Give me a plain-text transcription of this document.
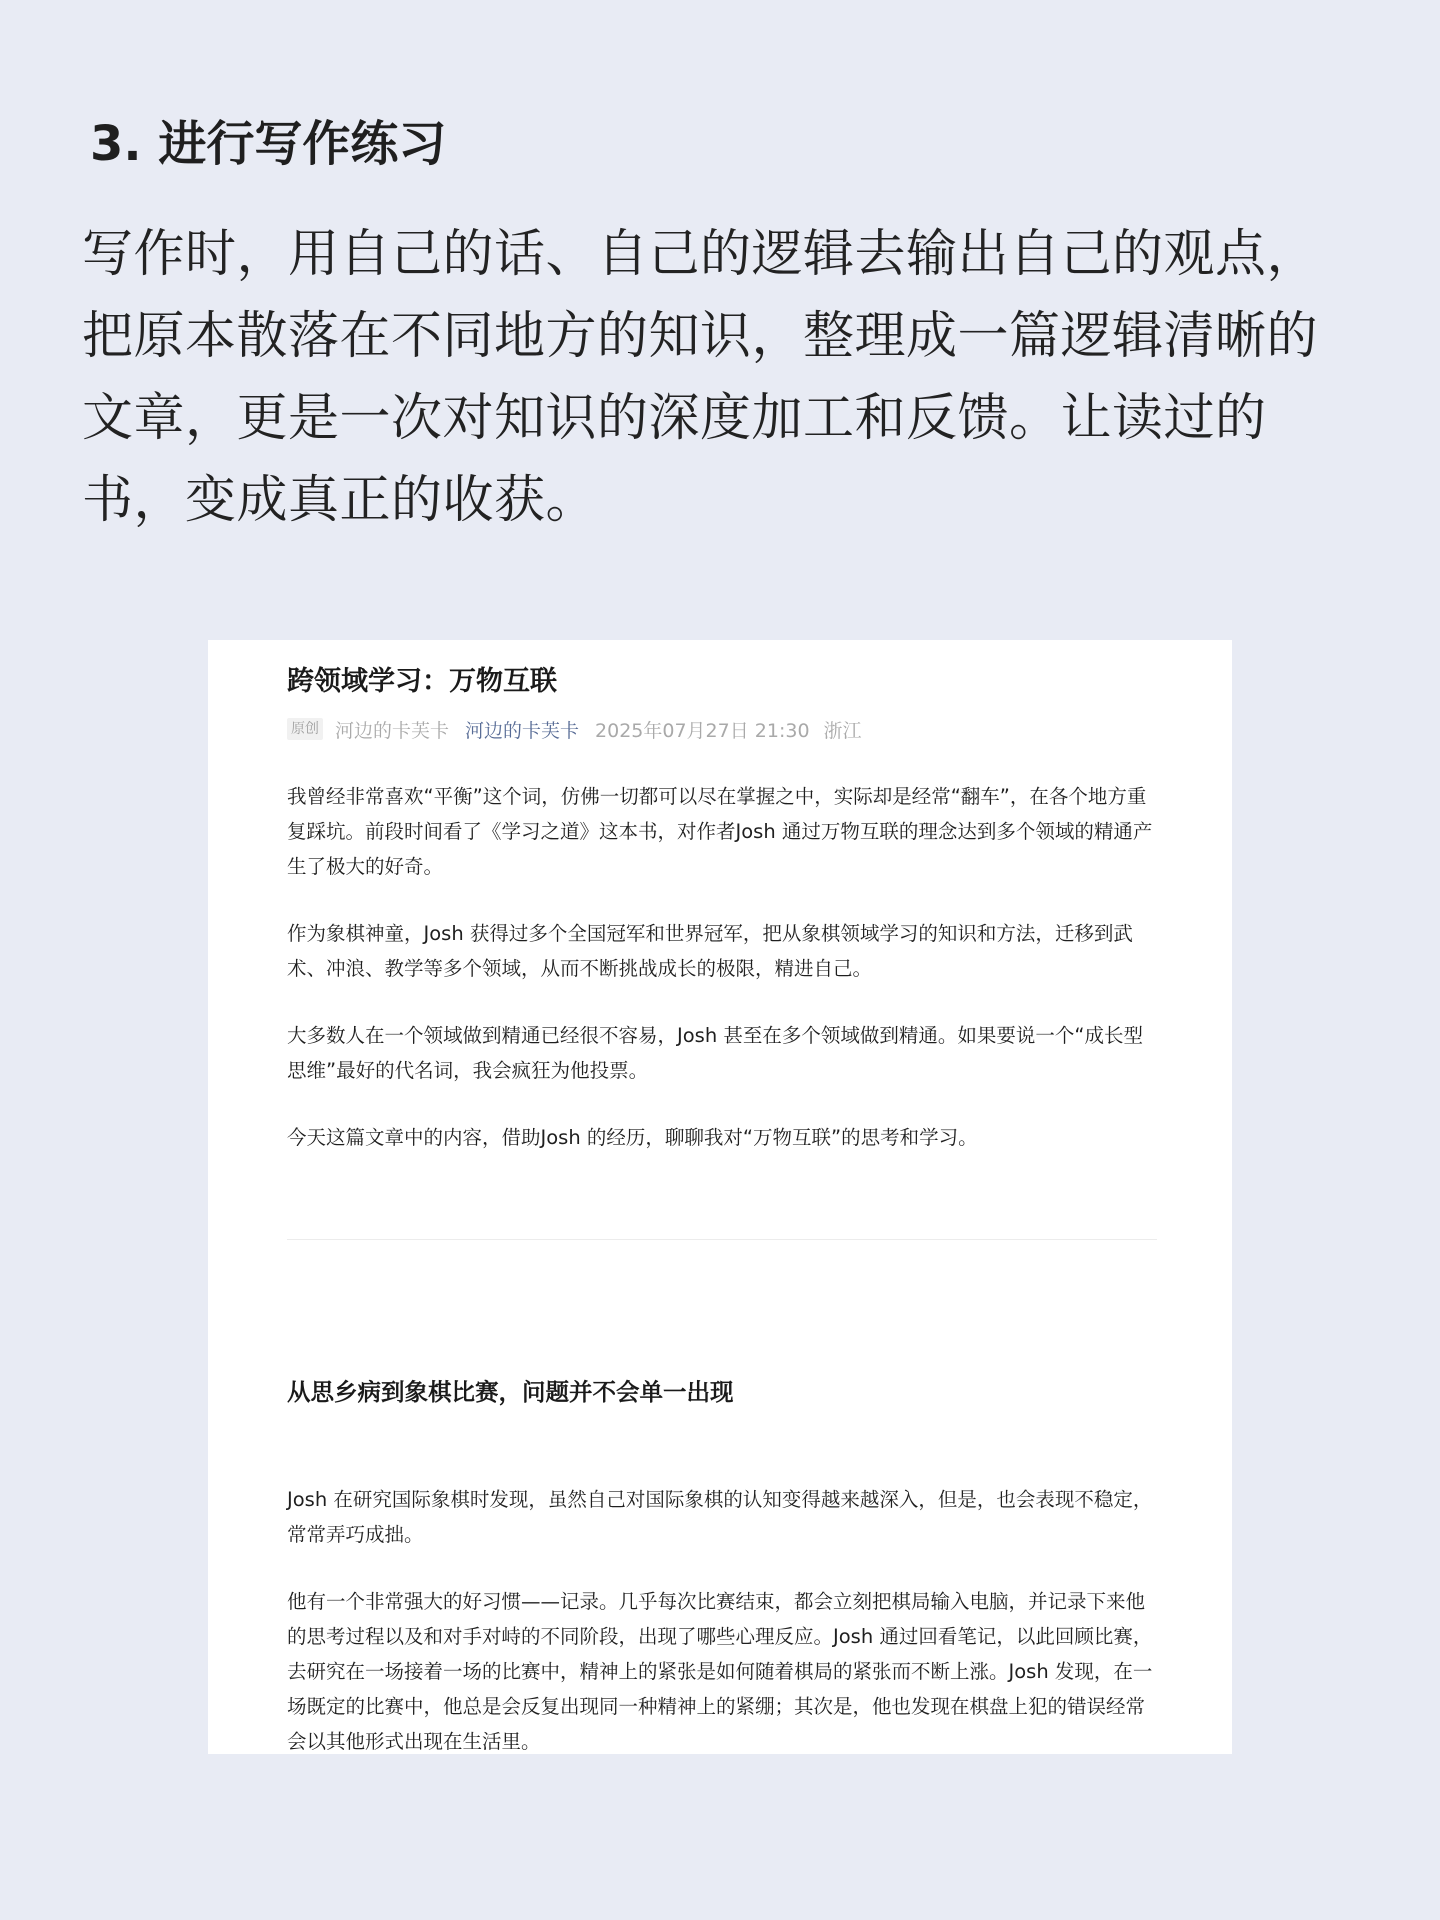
3. 进行写作练习

写作时，用自己的话、自己的逻辑去输出自己的观点，把原本散落在不同地方的知识，整理成一篇逻辑清晰的文章，更是一次对知识的深度加工和反馈。让读过的书，变成真正的收获。

跨领域学习：万物互联
原创 河边的卡芙卡 河边的卡芙卡 2025年07月27日 21:30 浙江

我曾经非常喜欢“平衡”这个词，仿佛一切都可以尽在掌握之中，实际却是经常“翻车”，在各个地方重复踩坑。前段时间看了《学习之道》这本书，对作者Josh 通过万物互联的理念达到多个领域的精通产生了极大的好奇。

作为象棋神童，Josh 获得过多个全国冠军和世界冠军，把从象棋领域学习的知识和方法，迁移到武术、冲浪、教学等多个领域，从而不断挑战成长的极限，精进自己。

大多数人在一个领域做到精通已经很不容易，Josh 甚至在多个领域做到精通。如果要说一个“成长型思维”最好的代名词，我会疯狂为他投票。

今天这篇文章中的内容，借助Josh 的经历，聊聊我对“万物互联”的思考和学习。

从思乡病到象棋比赛，问题并不会单一出现

Josh 在研究国际象棋时发现，虽然自己对国际象棋的认知变得越来越深入，但是，也会表现不稳定，常常弄巧成拙。

他有一个非常强大的好习惯——记录。几乎每次比赛结束，都会立刻把棋局输入电脑，并记录下来他的思考过程以及和对手对峙的不同阶段，出现了哪些心理反应。Josh 通过回看笔记，以此回顾比赛，去研究在一场接着一场的比赛中，精神上的紧张是如何随着棋局的紧张而不断上涨。Josh 发现，在一场既定的比赛中，他总是会反复出现同一种精神上的紧绷；其次是，他也发现在棋盘上犯的错误经常会以其他形式出现在生活里。
